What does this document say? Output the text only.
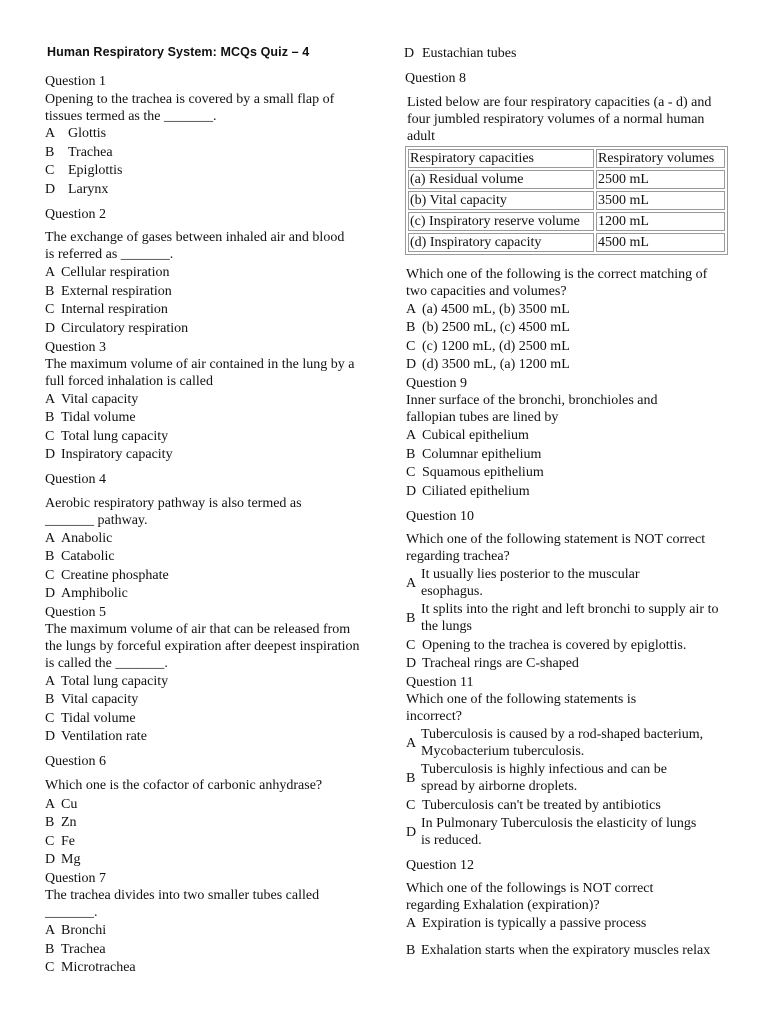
Human Respiratory System: MCQs Quiz – 4
Question 1
Opening to the trachea is covered by a small flap of tissues termed as the _______.
A Glottis
B Trachea
C Epiglottis
D Larynx
Question 2
The exchange of gases between inhaled air and blood is referred as _______.
A Cellular respiration
B External respiration
C Internal respiration
D Circulatory respiration
Question 3
The maximum volume of air contained in the lung by a full forced inhalation is called
A Vital capacity
B Tidal volume
C Total lung capacity
D Inspiratory capacity
Question 4
Aerobic respiratory pathway is also termed as _______ pathway.
A Anabolic
B Catabolic
C Creatine phosphate
D Amphibolic
Question 5
The maximum volume of air that can be released from the lungs by forceful expiration after deepest inspiration is called the _______.
A Total lung capacity
B Vital capacity
C Tidal volume
D Ventilation rate
Question 6
Which one is the cofactor of carbonic anhydrase?
A Cu
B Zn
C Fe
D Mg
Question 7
The trachea divides into two smaller tubes called _______.
A Bronchi
B Trachea
C Microtrachea
D Eustachian tubes
Question 8
Listed below are four respiratory capacities (a - d) and four jumbled respiratory volumes of a normal human adult
Respiratory capacities	Respiratory volumes
(a) Residual volume	2500 mL
(b) Vital capacity	3500 mL
(c) Inspiratory reserve volume	1200 mL
(d) Inspiratory capacity	4500 mL
Which one of the following is the correct matching of two capacities and volumes?
A (a) 4500 mL, (b) 3500 mL
B (b) 2500 mL, (c) 4500 mL
C (c) 1200 mL, (d) 2500 mL
D (d) 3500 mL, (a) 1200 mL
Question 9
Inner surface of the bronchi, bronchioles and fallopian tubes are lined by
A Cubical epithelium
B Columnar epithelium
C Squamous epithelium
D Ciliated epithelium
Question 10
Which one of the following statement is NOT correct regarding trachea?
A
It usually lies posterior to the muscular esophagus.
B
It splits into the right and left bronchi to supply air to the lungs
C Opening to the trachea is covered by epiglottis.
D Tracheal rings are C-shaped
Question 11
Which one of the following statements is incorrect?
A
Tuberculosis is caused by a rod-shaped bacterium, Mycobacterium tuberculosis.
B
Tuberculosis is highly infectious and can be spread by airborne droplets.
C Tuberculosis can't be treated by antibiotics
D
In Pulmonary Tuberculosis the elasticity of lungs is reduced.
Question 12
Which one of the followings is NOT correct regarding Exhalation (expiration)?
A Expiration is typically a passive process
B Exhalation starts when the expiratory muscles relax
